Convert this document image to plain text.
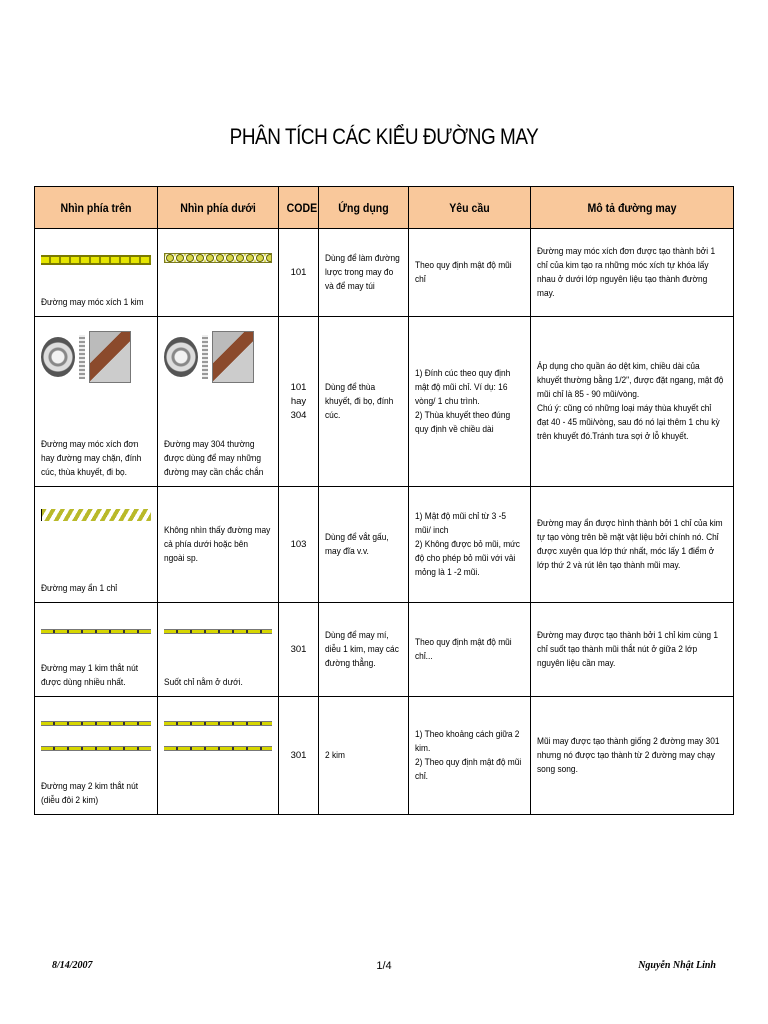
PHÂN TÍCH CÁC KIỂU ĐƯỜNG MAY
Nhìn phía trên	Nhìn phía dưới	CODE	Ứng dụng	Yêu cầu	Mô tả đường may

Đường may móc xích 1 kim		101	Dùng để làm đường lược trong may đo và để may túi	Theo quy định mật độ mũi chỉ	Đường may móc xích đơn được tạo thành bởi 1 chỉ của kim tạo ra những móc xích tự khóa lấy nhau ở dưới lớp nguyên liệu tạo thành đường may.

Đường may móc xích đơn hay đường may chặn, đính cúc, thùa khuyết, đi bọ.	Đường may 304 thường được dùng để may những đường may cần chắc chắn	101 hay 304	Dùng để thùa khuyết, đi bọ, đính cúc.	1) Đính cúc theo quy định mật độ mũi chỉ. Ví dụ: 16 vòng/ 1 chu trình.
2) Thùa khuyết theo đúng quy định về chiều dài	Áp dụng cho quần áo dệt kim, chiều dài của khuyết thường bằng 1/2", được đặt ngang, mật độ mũi chỉ là 85 - 90 mũi/vòng.
Chú ý: cũng có những loại máy thùa khuyết chỉ đạt 40 - 45 mũi/vòng, sau đó nó lại thêm 1 chu kỳ trên khuyết đó.Tránh tưa sợi ở lỗ khuyết.

Đường may ẩn 1 chỉ	Không nhìn thấy đường may cả phía dưới hoặc bên ngoài sp.	103	Dùng để vắt gấu, may đĩa v.v.	1) Mật độ mũi chỉ từ 3 -5 mũi/ inch
2) Không được bỏ mũi, mức độ cho phép bỏ mũi với vải mỏng là 1 -2 mũi.	Đường may ẩn được hình thành bởi 1 chỉ của kim tự tạo vòng trên bề mặt vật liệu bởi chính nó. Chỉ được xuyên qua lớp thứ nhất, móc lấy 1 điểm ở lớp thứ 2 và rút lên tạo thành mũi may.

Đường may 1 kim thắt nút được dùng nhiều nhất.	Suốt chỉ nằm ở dưới.	301	Dùng để may mí, diễu 1 kim, may các đường thẳng.	Theo quy định mật độ mũi chỉ...	Đường may được tạo thành bởi 1 chỉ kim cùng 1 chỉ suốt tạo thành mũi thắt nút ở giữa 2 lớp nguyên liệu cần may.

Đường may 2 kim thắt nút (diễu đôi 2 kim)		301	2 kim	1) Theo khoảng cách giữa 2 kim.
2) Theo quy định mật độ mũi chỉ.	Mũi may được tạo thành giống 2 đường may 301 nhưng nó được tạo thành từ 2 đường may chạy song song.
8/14/2007	1/4	Nguyễn Nhật Linh
